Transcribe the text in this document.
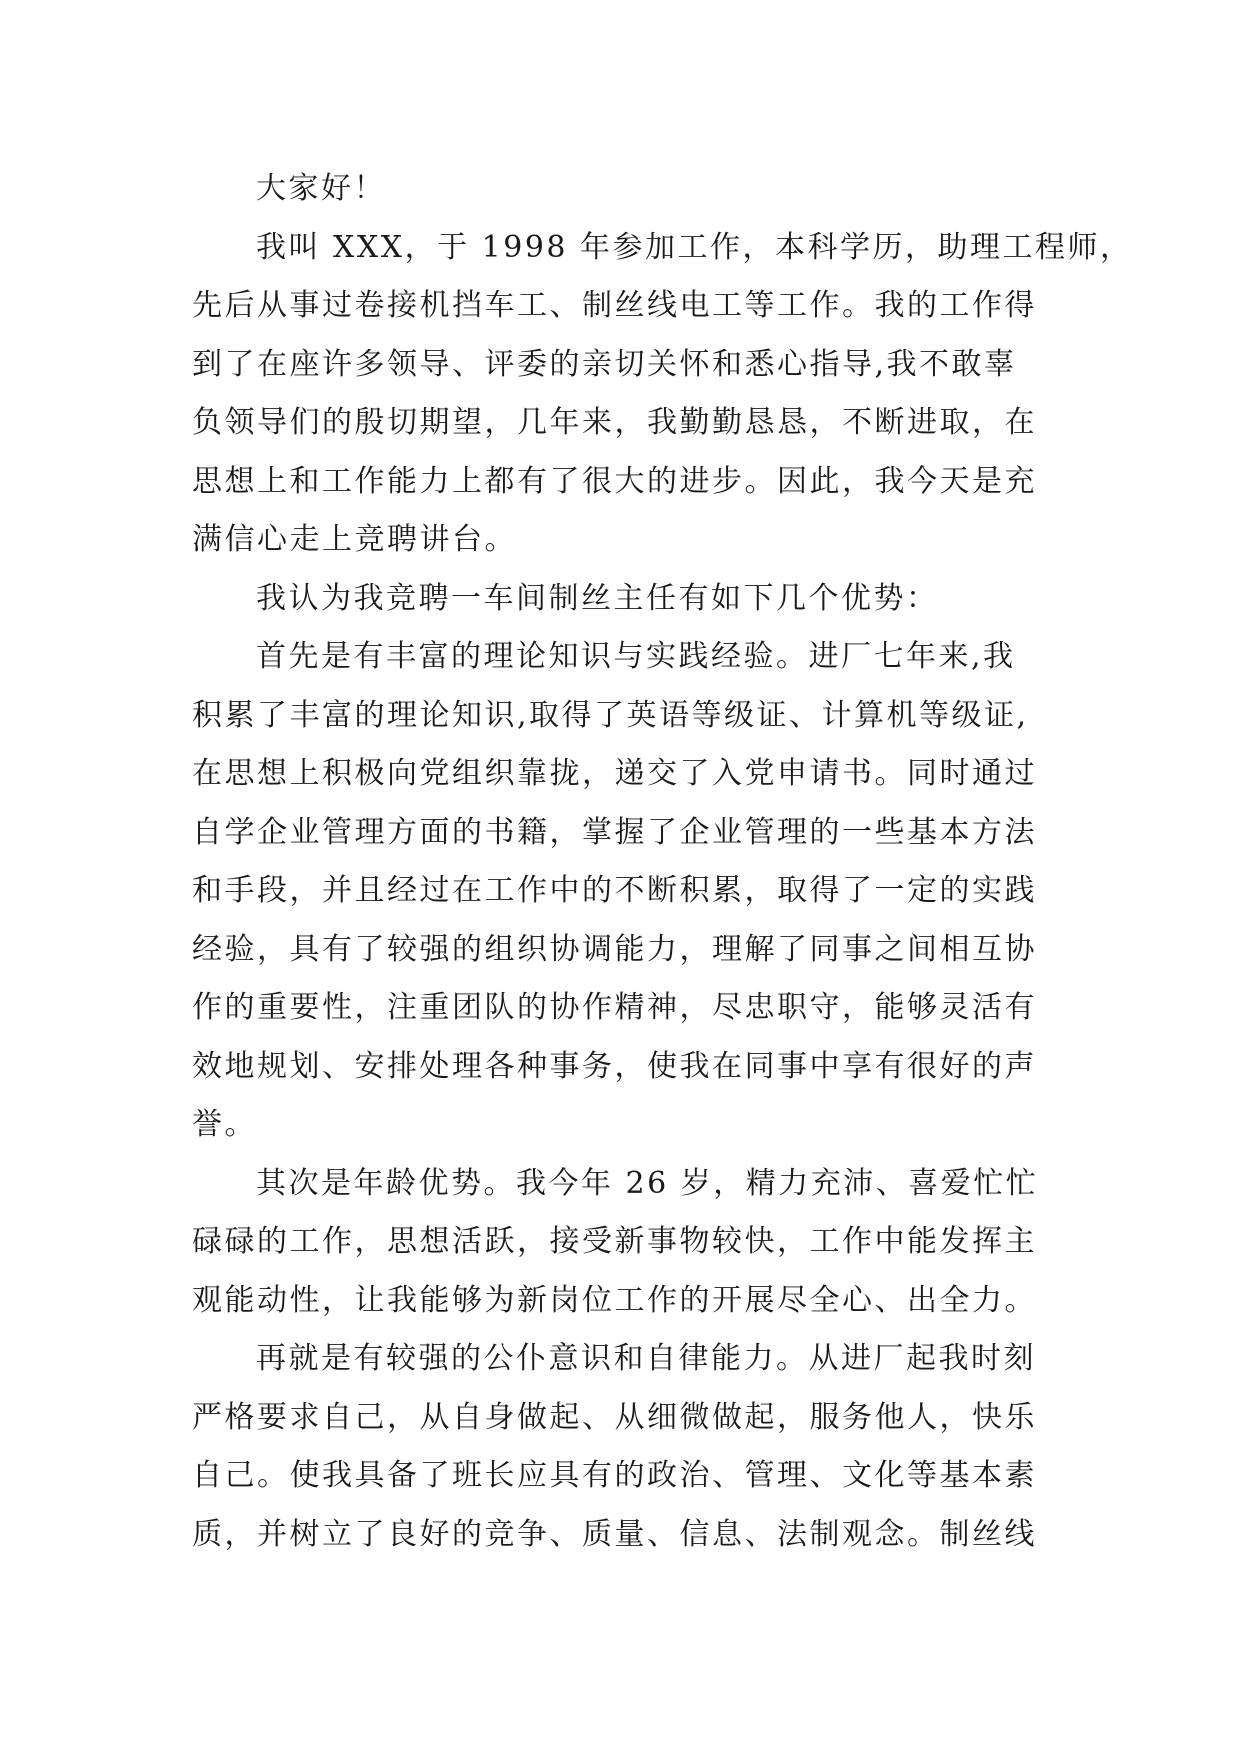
大家好！
我叫 XXX，于 1998 年参加工作，本科学历，助理工程师，
先后从事过卷接机挡车工、制丝线电工等工作。我的工作得
到了在座许多领导、评委的亲切关怀和悉心指导,我不敢辜
负领导们的殷切期望，几年来，我勤勤恳恳，不断进取，在
思想上和工作能力上都有了很大的进步。因此，我今天是充
满信心走上竞聘讲台。
我认为我竞聘一车间制丝主任有如下几个优势：
首先是有丰富的理论知识与实践经验。进厂七年来,我
积累了丰富的理论知识,取得了英语等级证、计算机等级证,
在思想上积极向党组织靠拢，递交了入党申请书。同时通过
自学企业管理方面的书籍，掌握了企业管理的一些基本方法
和手段，并且经过在工作中的不断积累，取得了一定的实践
经验，具有了较强的组织协调能力，理解了同事之间相互协
作的重要性，注重团队的协作精神，尽忠职守，能够灵活有
效地规划、安排处理各种事务，使我在同事中享有很好的声
誉。
其次是年龄优势。我今年 26 岁，精力充沛、喜爱忙忙
碌碌的工作，思想活跃，接受新事物较快，工作中能发挥主
观能动性，让我能够为新岗位工作的开展尽全心、出全力。
再就是有较强的公仆意识和自律能力。从进厂起我时刻
严格要求自己，从自身做起、从细微做起，服务他人，快乐
自己。使我具备了班长应具有的政治、管理、文化等基本素
质，并树立了良好的竞争、质量、信息、法制观念。制丝线
